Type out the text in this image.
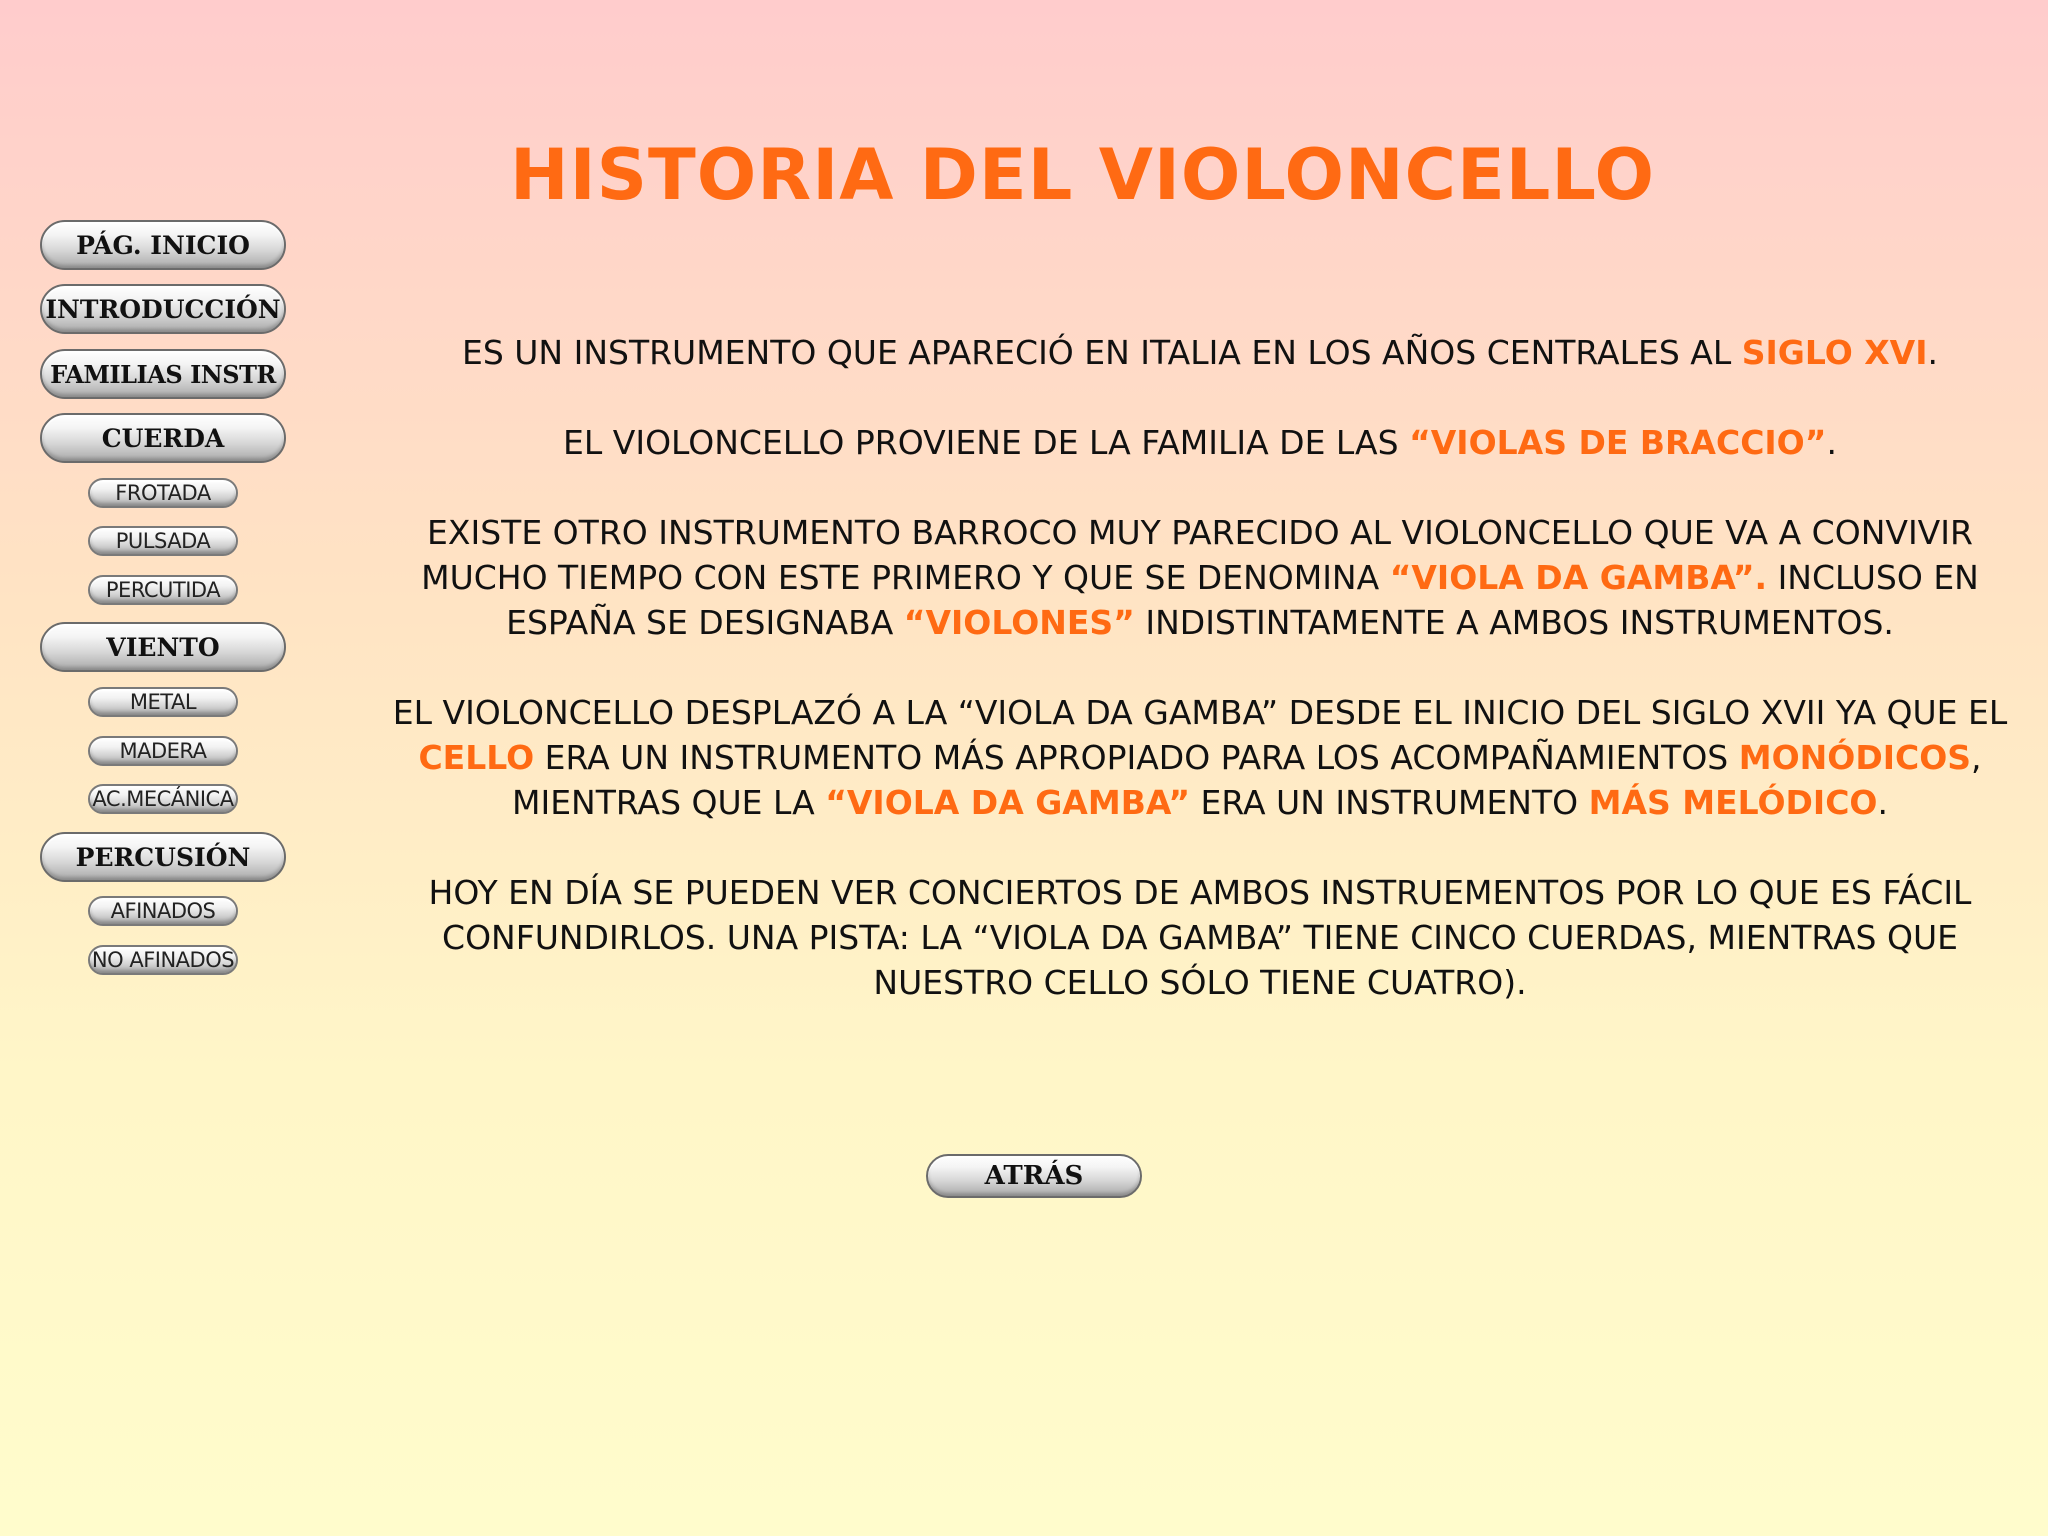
HISTORIA DEL VIOLONCELLO
PÁG. INICIO
INTRODUCCIÓN
FAMILIAS INSTR
CUERDA
FROTADA
PULSADA
PERCUTIDA
VIENTO
METAL
MADERA
AC.MECÁNICA
PERCUSIÓN
AFINADOS
NO AFINADOS

ES UN INSTRUMENTO QUE APARECIÓ EN ITALIA EN LOS AÑOS CENTRALES AL SIGLO XVI.

EL VIOLONCELLO PROVIENE DE LA FAMILIA DE LAS “VIOLAS DE BRACCIO”.

EXISTE OTRO INSTRUMENTO BARROCO MUY PARECIDO AL VIOLONCELLO QUE VA A CONVIVIR MUCHO TIEMPO CON ESTE PRIMERO Y QUE SE DENOMINA “VIOLA DA GAMBA”. INCLUSO EN ESPAÑA SE DESIGNABA “VIOLONES” INDISTINTAMENTE A AMBOS INSTRUMENTOS.

EL VIOLONCELLO DESPLAZÓ A LA “VIOLA DA GAMBA” DESDE EL INICIO DEL SIGLO XVII YA QUE EL CELLO ERA UN INSTRUMENTO MÁS APROPIADO PARA LOS ACOMPAÑAMIENTOS MONÓDICOS, MIENTRAS QUE LA “VIOLA DA GAMBA” ERA UN INSTRUMENTO MÁS MELÓDICO.

HOY EN DÍA SE PUEDEN VER CONCIERTOS DE AMBOS INSTRUEMENTOS POR LO QUE ES FÁCIL CONFUNDIRLOS. UNA PISTA: LA “VIOLA DA GAMBA” TIENE CINCO CUERDAS, MIENTRAS QUE NUESTRO CELLO SÓLO TIENE CUATRO).

ATRÁS
